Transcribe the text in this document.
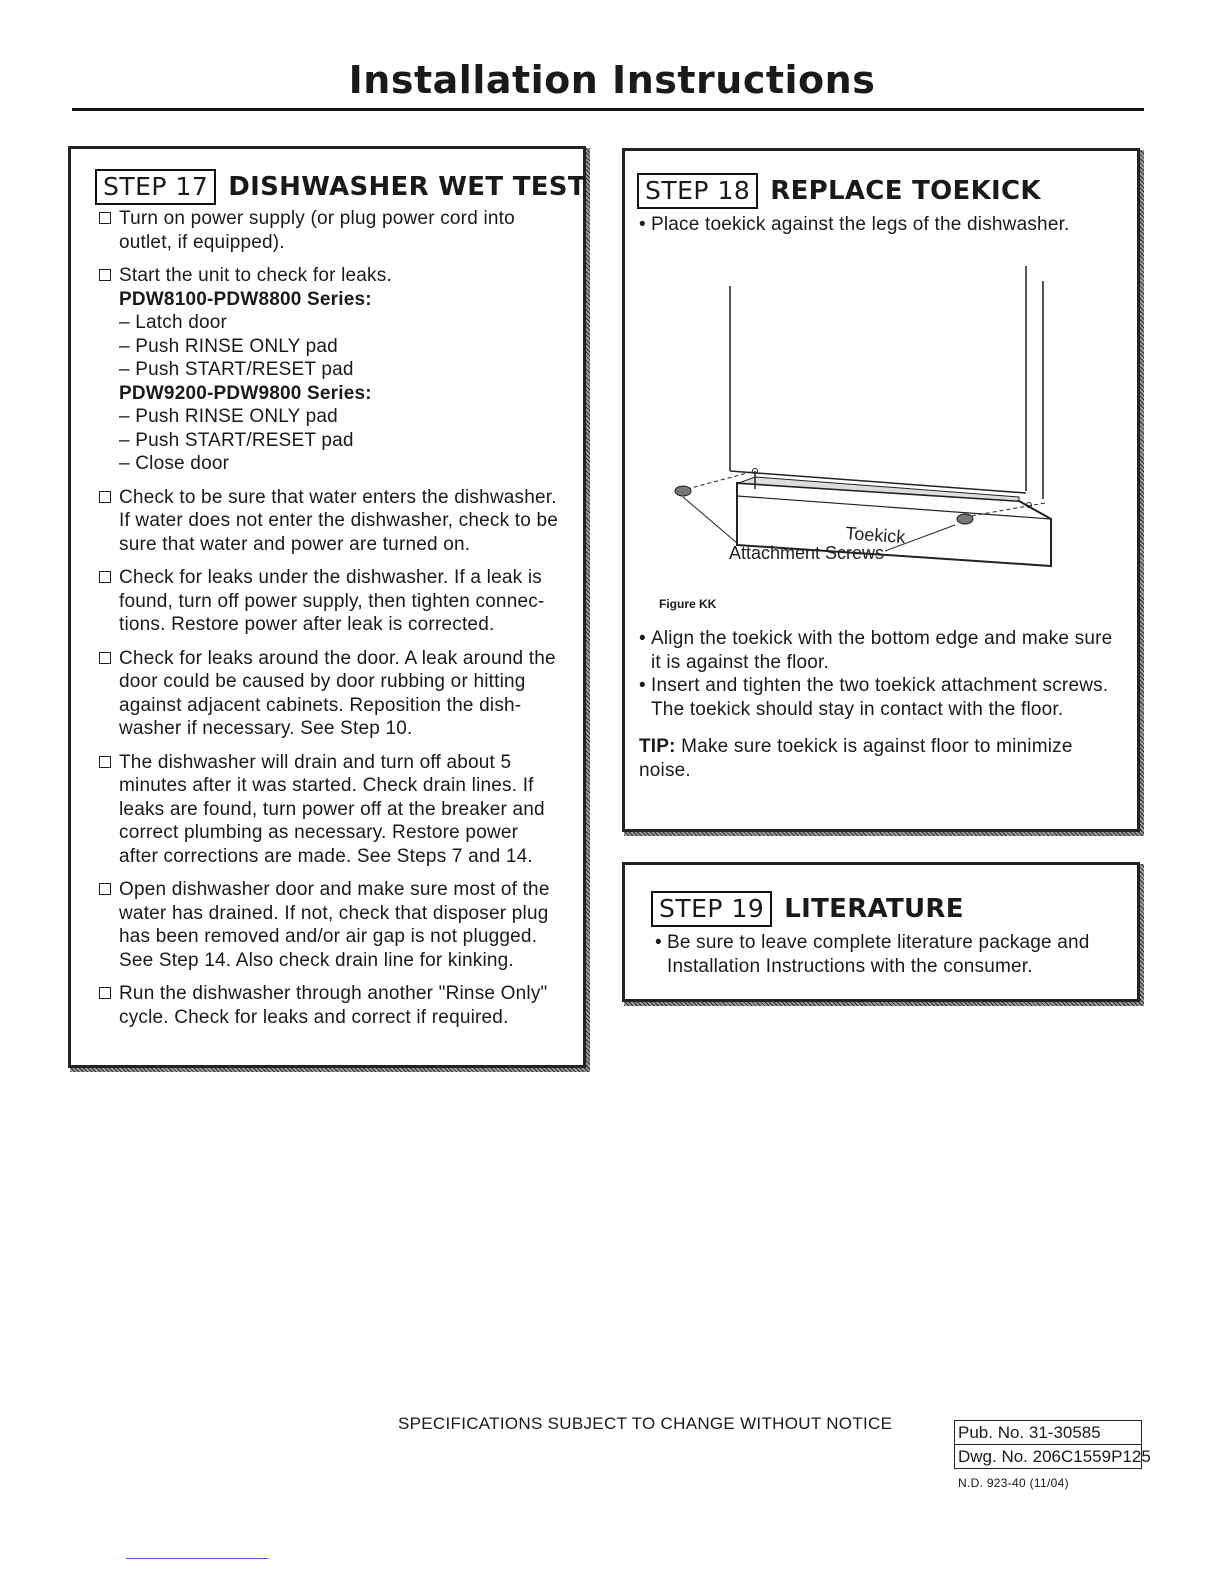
Installation Instructions
STEP 17 DISHWASHER WET TEST
Turn on power supply (or plug power cord into
outlet, if equipped).
Start the unit to check for leaks.
PDW8100-PDW8800 Series:
– Latch door
– Push RINSE ONLY pad
– Push START/RESET pad
PDW9200-PDW9800 Series:
– Push RINSE ONLY pad
– Push START/RESET pad
– Close door
Check to be sure that water enters the dishwasher.
If water does not enter the dishwasher, check to be
sure that water and power are turned on.
Check for leaks under the dishwasher. If a leak is
found, turn off power supply, then tighten connec-
tions. Restore power after leak is corrected.
Check for leaks around the door. A leak around the
door could be caused by door rubbing or hitting
against adjacent cabinets. Reposition the dish-
washer if necessary. See Step 10.
The dishwasher will drain and turn off about 5
minutes after it was started. Check drain lines. If
leaks are found, turn power off at the breaker and
correct plumbing as necessary. Restore power
after corrections are made. See Steps 7 and 14.
Open dishwasher door and make sure most of the
water has drained. If not, check that disposer plug
has been removed and/or air gap is not plugged.
See Step 14. Also check drain line for kinking.
Run the dishwasher through another "Rinse Only"
cycle. Check for leaks and correct if required.
STEP 18 REPLACE TOEKICK
• Place toekick against the legs of the dishwasher.
Toekick
Attachment Screws
Figure KK
• Align the toekick with the bottom edge and make sure
it is against the floor.
• Insert and tighten the two toekick attachment screws.
The toekick should stay in contact with the floor.
TIP: Make sure toekick is against floor to minimize
noise.
STEP 19 LITERATURE
• Be sure to leave complete literature package and
Installation Instructions with the consumer.
SPECIFICATIONS SUBJECT TO CHANGE WITHOUT NOTICE	Pub. No. 31-30585
Dwg. No. 206C1559P125
N.D. 923-40 (11/04)
